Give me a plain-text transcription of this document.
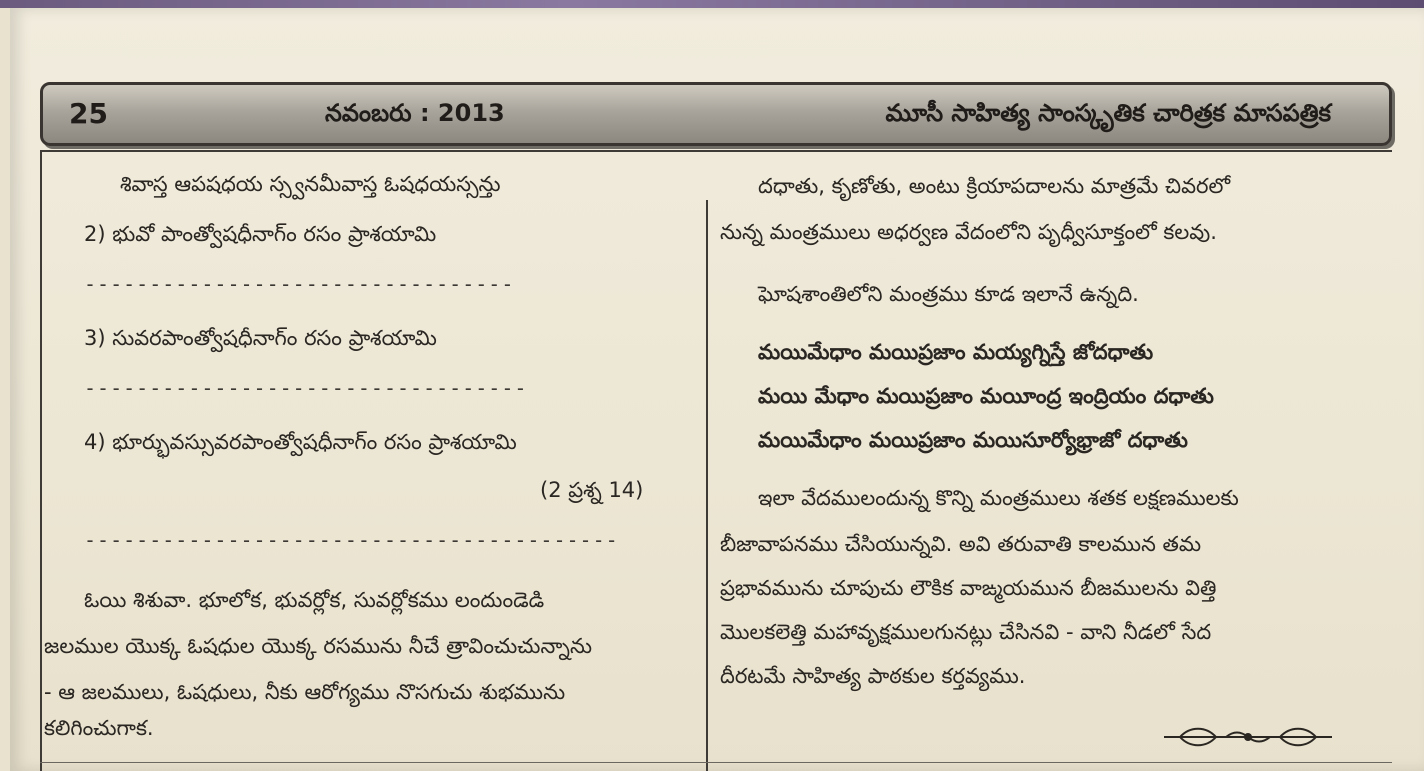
25	నవంబరు : 2013	మూసీ సాహిత్య సాంస్కృతిక చారిత్రక మాసపత్రిక
శివాస్త ఆపషధయ స్స్వనమీవాస్త ఓషధయస్సన్తు
2) భువో పాంత్వోషధీనాగ్ం రసం ప్రాశయామి
---------------------------------
3) సువరపాంత్వోషధీనాగ్ం రసం ప్రాశయామి
----------------------------------
4) భూర్భువస్సువరపాంత్వోషధీనాగ్ం రసం ప్రాశయామి
(2 ప్రశ్న 14)
-----------------------------------------
ఓయి శిశువా. భూలోక, భువర్లోక, సువర్లోకము లందుండెడి
జలముల యొక్క ఓషధుల యొక్క రసమును నీచే త్రావించుచున్నాను
- ఆ జలములు, ఓషధులు, నీకు ఆరోగ్యము నొసగుచు శుభమును
కలిగించుగాక.
దధాతు, కృణోతు, అంటు క్రియాపదాలను మాత్రమే చివరలో
నున్న మంత్రములు అధర్వణ వేదంలోని పృధ్వీసూక్తంలో కలవు.
ఘోషశాంతిలోని మంత్రము కూడ ఇలానే ఉన్నది.
మయిమేధాం మయిప్రజాం మయ్యగ్నిస్తే జోదధాతు
మయి మేధాం మయిప్రజాం మయీంద్ర ఇంద్రియం దధాతు
మయిమేధాం మయిప్రజాం మయిసూర్యోభ్రాజో దధాతు
ఇలా వేదములందున్న కొన్ని మంత్రములు శతక లక్షణములకు
బీజావాపనము చేసియున్నవి. అవి తరువాతి కాలమున తమ
ప్రభావమును చూపుచు లౌకిక వాఙ్మయమున బీజములను విత్తి
మొలకలెత్తి మహావృక్షములగునట్లు చేసినవి - వాని నీడలో సేద
దీరటమే సాహిత్య పాఠకుల కర్తవ్యము.
